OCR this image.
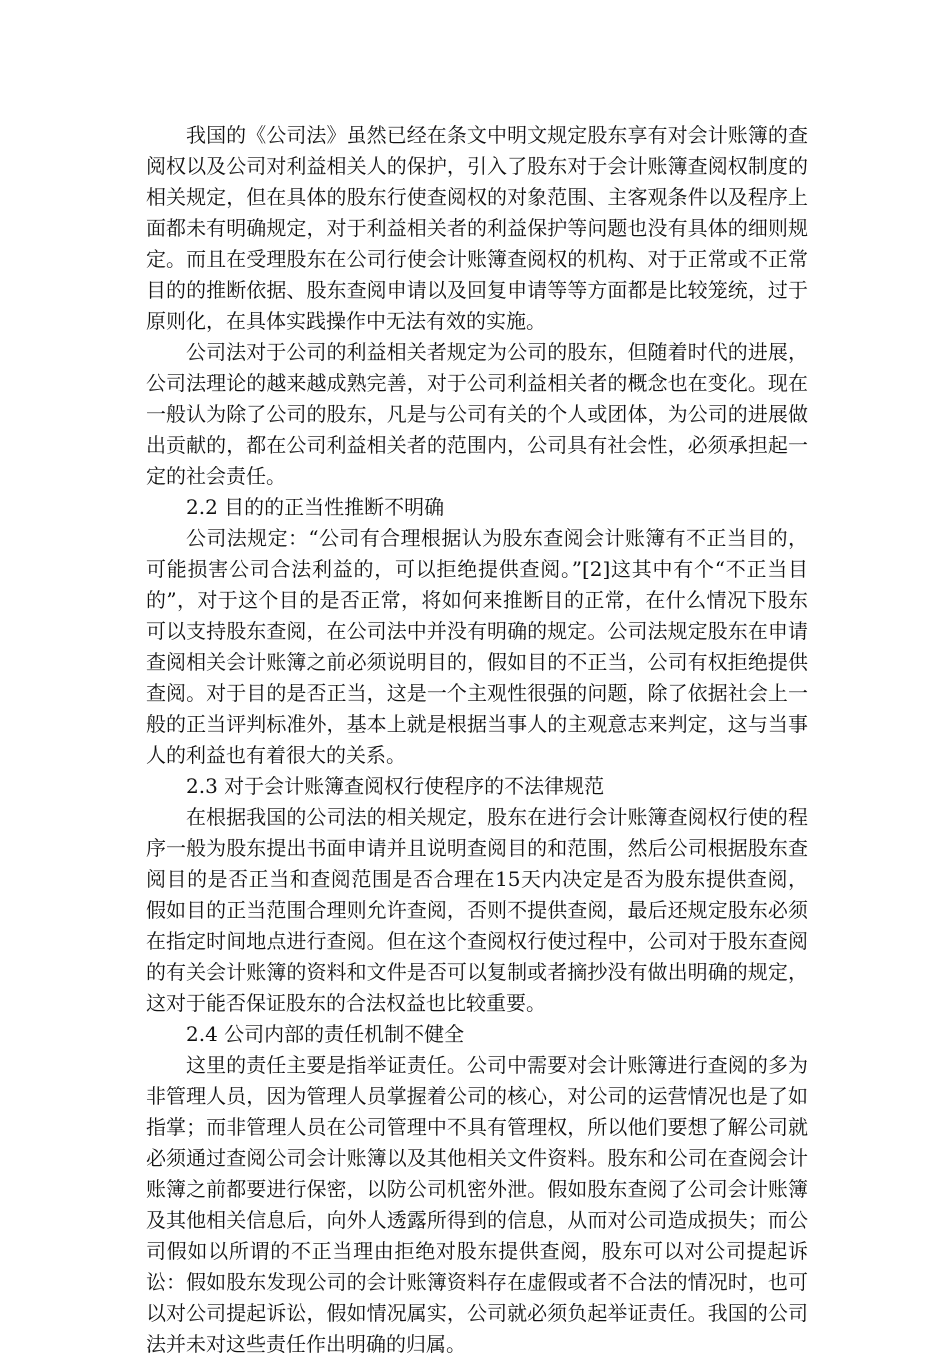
我国的《公司法》虽然已经在条文中明文规定股东享有对会计账簿的查阅权以及公司对利益相关人的保护，引入了股东对于会计账簿查阅权制度的相关规定，但在具体的股东行使查阅权的对象范围、主客观条件以及程序上面都未有明确规定，对于利益相关者的利益保护等问题也没有具体的细则规定。而且在受理股东在公司行使会计账簿查阅权的机构、对于正常或不正常目的的推断依据、股东查阅申请以及回复申请等等方面都是比较笼统，过于原则化，在具体实践操作中无法有效的实施。

公司法对于公司的利益相关者规定为公司的股东，但随着时代的进展，公司法理论的越来越成熟完善，对于公司利益相关者的概念也在变化。现在一般认为除了公司的股东，凡是与公司有关的个人或团体，为公司的进展做出贡献的，都在公司利益相关者的范围内，公司具有社会性，必须承担起一定的社会责任。

2.2 目的的正当性推断不明确

公司法规定：“公司有合理根据认为股东查阅会计账簿有不正当目的，可能损害公司合法利益的，可以拒绝提供查阅。”[2]这其中有个“不正当目的”，对于这个目的是否正常，将如何来推断目的正常，在什么情况下股东可以支持股东查阅，在公司法中并没有明确的规定。公司法规定股东在申请查阅相关会计账簿之前必须说明目的，假如目的不正当，公司有权拒绝提供查阅。对于目的是否正当，这是一个主观性很强的问题，除了依据社会上一般的正当评判标准外，基本上就是根据当事人的主观意志来判定，这与当事人的利益也有着很大的关系。

2.3 对于会计账簿查阅权行使程序的不法律规范

在根据我国的公司法的相关规定，股东在进行会计账簿查阅权行使的程序一般为股东提出书面申请并且说明查阅目的和范围，然后公司根据股东查阅目的是否正当和查阅范围是否合理在15天内决定是否为股东提供查阅，假如目的正当范围合理则允许查阅，否则不提供查阅，最后还规定股东必须在指定时间地点进行查阅。但在这个查阅权行使过程中，公司对于股东查阅的有关会计账簿的资料和文件是否可以复制或者摘抄没有做出明确的规定，这对于能否保证股东的合法权益也比较重要。

2.4 公司内部的责任机制不健全

这里的责任主要是指举证责任。公司中需要对会计账簿进行查阅的多为非管理人员，因为管理人员掌握着公司的核心，对公司的运营情况也是了如指掌；而非管理人员在公司管理中不具有管理权，所以他们要想了解公司就必须通过查阅公司会计账簿以及其他相关文件资料。股东和公司在查阅会计账簿之前都要进行保密，以防公司机密外泄。假如股东查阅了公司会计账簿及其他相关信息后，向外人透露所得到的信息，从而对公司造成损失；而公司假如以所谓的不正当理由拒绝对股东提供查阅，股东可以对公司提起诉讼：假如股东发现公司的会计账簿资料存在虚假或者不合法的情况时，也可以对公司提起诉讼，假如情况属实，公司就必须负起举证责任。我国的公司法并未对这些责任作出明确的归属。
